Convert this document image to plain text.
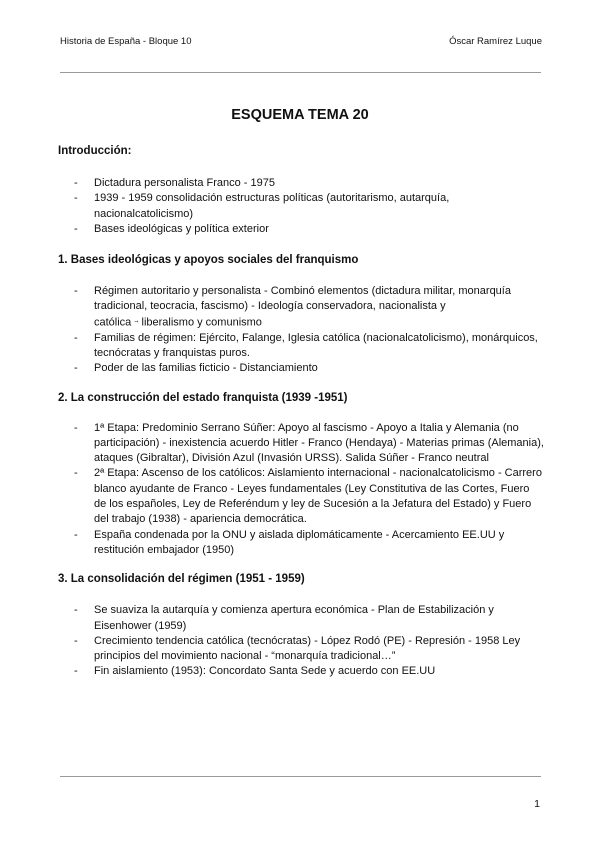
Historia de España - Bloque 10	Óscar Ramírez Luque
ESQUEMA TEMA 20
Introducción:
- Dictadura personalista Franco - 1975
- 1939 - 1959 consolidación estructuras políticas (autoritarismo, autarquía, nacionalcatolicismo)
- Bases ideológicas y política exterior
1. Bases ideológicas y apoyos sociales del franquismo
- Régimen autoritario y personalista - Combinó elementos (dictadura militar, monarquía tradicional, teocracia, fascismo) - Ideología conservadora, nacionalista y católica ⇒ liberalismo y comunismo
- Familias de régimen: Ejército, Falange, Iglesia católica (nacionalcatolicismo), monárquicos, tecnócratas y franquistas puros.
- Poder de las familias ficticio - Distanciamiento
2. La construcción del estado franquista (1939 -1951)
- 1ª Etapa: Predominio Serrano Súñer: Apoyo al fascismo - Apoyo a Italia y Alemania (no participación) - inexistencia acuerdo Hitler - Franco (Hendaya) - Materias primas (Alemania), ataques (Gibraltar), División Azul (Invasión URSS). Salida Súñer - Franco neutral
- 2ª Etapa: Ascenso de los católicos: Aislamiento internacional - nacionalcatolicismo - Carrero blanco ayudante de Franco - Leyes fundamentales (Ley Constitutiva de las Cortes, Fuero de los españoles, Ley de Referéndum y ley de Sucesión a la Jefatura del Estado) y Fuero del trabajo (1938) - apariencia democrática.
- España condenada por la ONU y aislada diplomáticamente - Acercamiento EE.UU y restitución embajador (1950)
3. La consolidación del régimen (1951 - 1959)
- Se suaviza la autarquía y comienza apertura económica - Plan de Estabilización y Eisenhower (1959)
- Crecimiento tendencia católica (tecnócratas) - López Rodó (PE) - Represión - 1958 Ley principios del movimiento nacional - “monarquía tradicional…”
- Fin aislamiento (1953): Concordato Santa Sede y acuerdo con EE.UU
1
